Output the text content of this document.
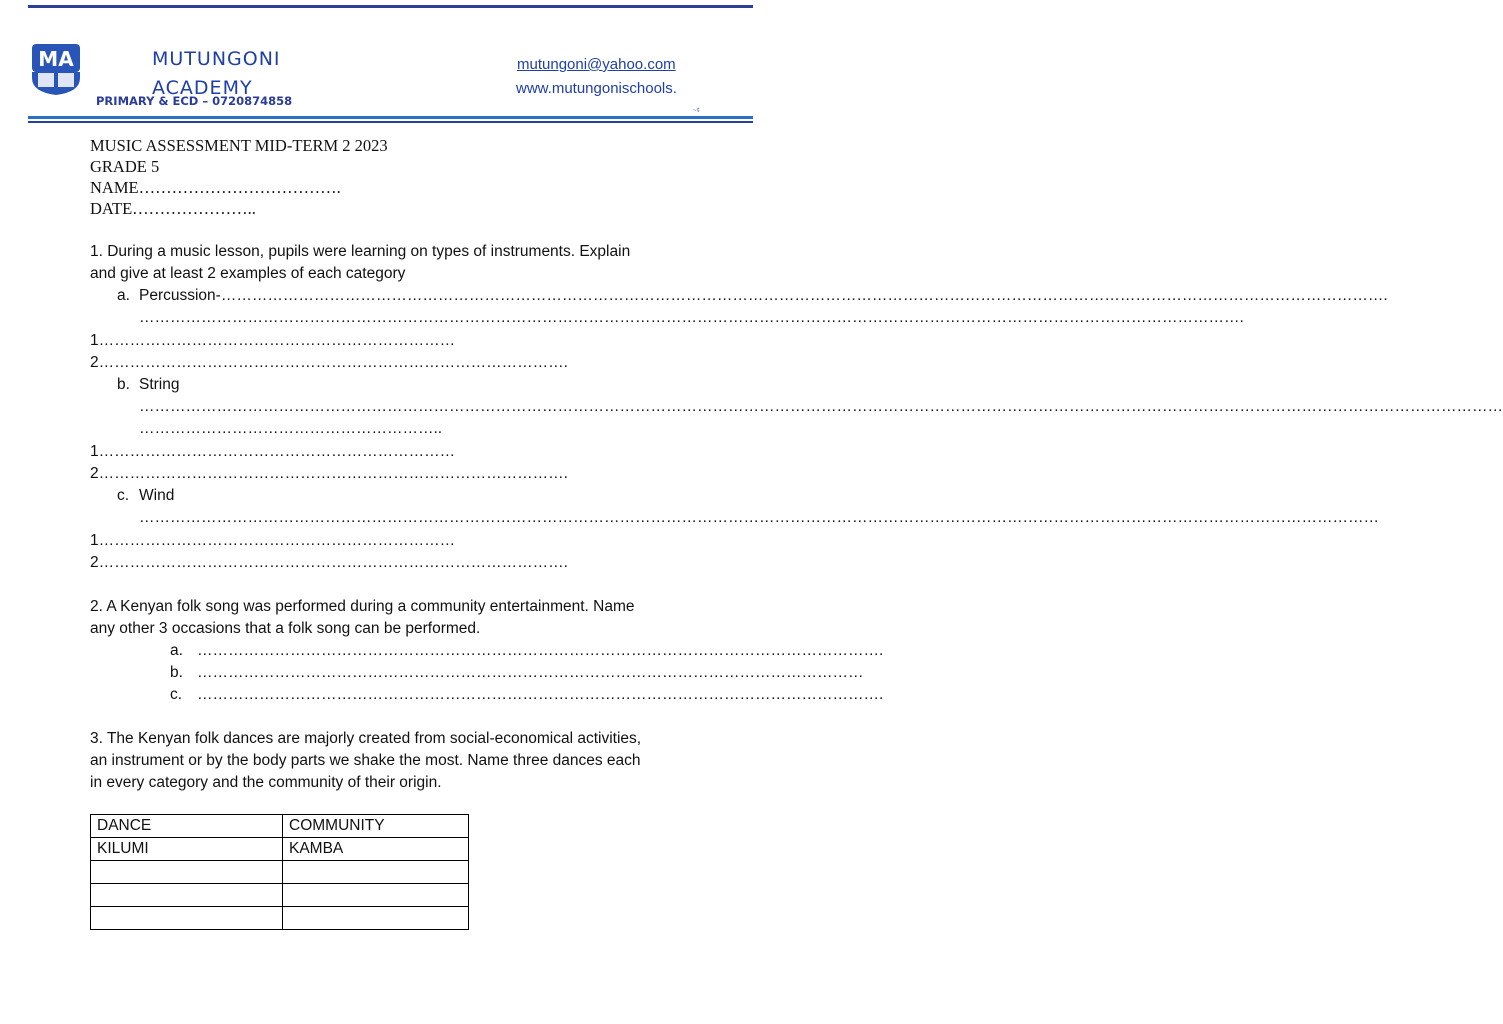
MA	MUTUNGONI
ACADEMY
PRIMARY & ECD – 0720874858
mutungoni@yahoo.com
www.mutungonischools.
~¢
MUSIC ASSESSMENT MID-TERM 2 2023
GRADE 5
NAME……………………………….
DATE…………………..
1. During a music lesson, pupils were learning on types of instruments. Explain
and give at least 2 examples of each category
a. Percussion-……………………………………………………………………………………………………………………………………………………………………………………………………….
…………………………………………………………………………………………………………………………………………………………………………………………….
1……………………………………………………………
2……………………………………………………………………………….
b. String
…………………………………………………………………………………………………………………………………………………………………………………………………………………………………………
…………………………………………………..
1……………………………………………………………
2……………………………………………………………………………….
c. Wind
……………………………………………………………………………………………………………………………………………………………………………………………………………………
1……………………………………………………………
2……………………………………………………………………………….
2. A Kenyan folk song was performed during a community entertainment. Name
any other 3 occasions that a folk song can be performed.
a. …………………………………………………………………………………………………………………….
b. …………………………………………………………………………………………………………………
c. …………………………………………………………………………………………………………………….
3. The Kenyan folk dances are majorly created from social-economical activities,
an instrument or by the body parts we shake the most. Name three dances each
in every category and the community of their origin.
DANCE	COMMUNITY
KILUMI	KAMBA
